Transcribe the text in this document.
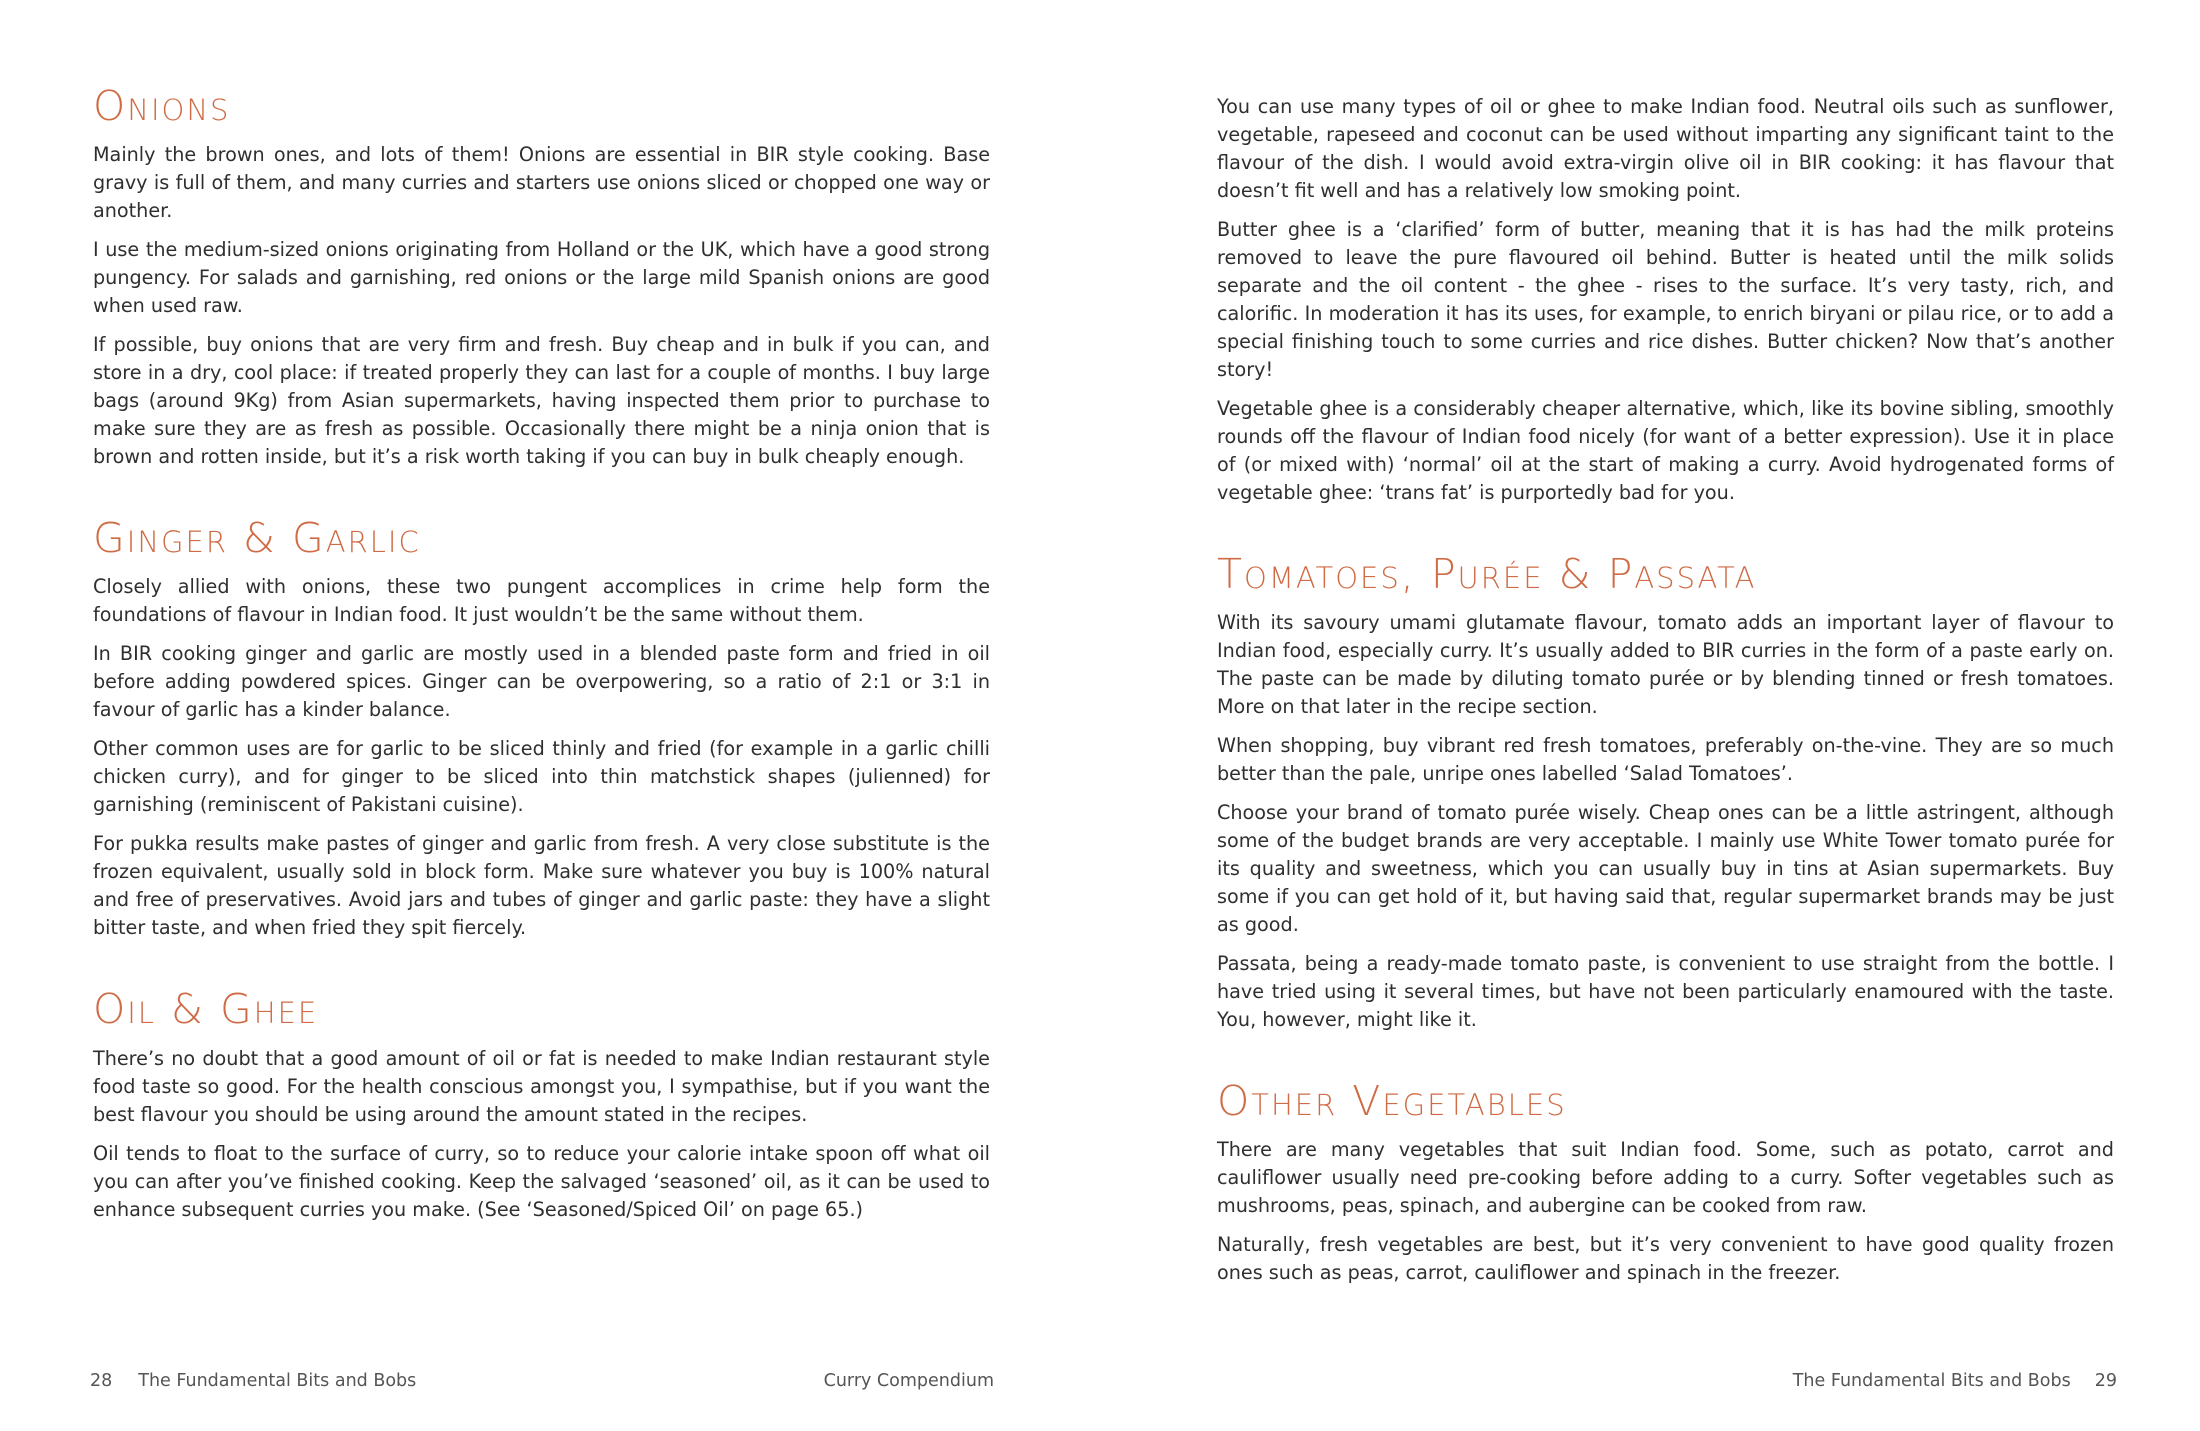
Onions

Mainly the brown ones, and lots of them! Onions are essential in BIR style cooking. Base gravy is full of them, and many curries and starters use onions sliced or chopped one way or another.

I use the medium-sized onions originating from Holland or the UK, which have a good strong pungency. For salads and garnishing, red onions or the large mild Spanish onions are good when used raw.

If possible, buy onions that are very firm and fresh. Buy cheap and in bulk if you can, and store in a dry, cool place: if treated properly they can last for a couple of months. I buy large bags (around 9Kg) from Asian supermarkets, having inspected them prior to purchase to make sure they are as fresh as possible. Occasionally there might be a ninja onion that is brown and rotten inside, but it’s a risk worth taking if you can buy in bulk cheaply enough.

Ginger & Garlic

Closely allied with onions, these two pungent accomplices in crime help form the foundations of flavour in Indian food. It just wouldn’t be the same without them.

In BIR cooking ginger and garlic are mostly used in a blended paste form and fried in oil before adding powdered spices. Ginger can be overpowering, so a ratio of 2:1 or 3:1 in favour of garlic has a kinder balance.

Other common uses are for garlic to be sliced thinly and fried (for example in a garlic chilli chicken curry), and for ginger to be sliced into thin matchstick shapes (julienned) for garnishing (reminiscent of Pakistani cuisine).

For pukka results make pastes of ginger and garlic from fresh. A very close substitute is the frozen equivalent, usually sold in block form. Make sure whatever you buy is 100% natural and free of preservatives. Avoid jars and tubes of ginger and garlic paste: they have a slight bitter taste, and when fried they spit fiercely.

Oil & Ghee

There’s no doubt that a good amount of oil or fat is needed to make Indian restaurant style food taste so good. For the health conscious amongst you, I sympathise, but if you want the best flavour you should be using around the amount stated in the recipes.

Oil tends to float to the surface of curry, so to reduce your calorie intake spoon off what oil you can after you’ve finished cooking. Keep the salvaged ‘seasoned’ oil, as it can be used to enhance subsequent curries you make. (See ‘Seasoned/Spiced Oil’ on page 65.)

28 The Fundamental Bits and Bobs	Curry Compendium

You can use many types of oil or ghee to make Indian food. Neutral oils such as sunflower, vegetable, rapeseed and coconut can be used without imparting any significant taint to the flavour of the dish. I would avoid extra-virgin olive oil in BIR cooking: it has flavour that doesn’t fit well and has a relatively low smoking point.

Butter ghee is a ‘clarified’ form of butter, meaning that it is has had the milk proteins removed to leave the pure flavoured oil behind. Butter is heated until the milk solids separate and the oil content - the ghee - rises to the surface. It’s very tasty, rich, and calorific. In moderation it has its uses, for example, to enrich biryani or pilau rice, or to add a special finishing touch to some curries and rice dishes. Butter chicken? Now that’s another story!

Vegetable ghee is a considerably cheaper alternative, which, like its bovine sibling, smoothly rounds off the flavour of Indian food nicely (for want of a better expression). Use it in place of (or mixed with) ‘normal’ oil at the start of making a curry. Avoid hydrogenated forms of vegetable ghee: ‘trans fat’ is purportedly bad for you.

Tomatoes, Purée & Passata

With its savoury umami glutamate flavour, tomato adds an important layer of flavour to Indian food, especially curry. It’s usually added to BIR curries in the form of a paste early on. The paste can be made by diluting tomato purée or by blending tinned or fresh tomatoes. More on that later in the recipe section.

When shopping, buy vibrant red fresh tomatoes, preferably on-the-vine. They are so much better than the pale, unripe ones labelled ‘Salad Tomatoes’.

Choose your brand of tomato purée wisely. Cheap ones can be a little astringent, although some of the budget brands are very acceptable. I mainly use White Tower tomato purée for its quality and sweetness, which you can usually buy in tins at Asian supermarkets. Buy some if you can get hold of it, but having said that, regular supermarket brands may be just as good.

Passata, being a ready-made tomato paste, is convenient to use straight from the bottle. I have tried using it several times, but have not been particularly enamoured with the taste. You, however, might like it.

Other Vegetables

There are many vegetables that suit Indian food. Some, such as potato, carrot and cauliflower usually need pre-cooking before adding to a curry. Softer vegetables such as mushrooms, peas, spinach, and aubergine can be cooked from raw.

Naturally, fresh vegetables are best, but it’s very convenient to have good quality frozen ones such as peas, carrot, cauliflower and spinach in the freezer.

The Fundamental Bits and Bobs 29
